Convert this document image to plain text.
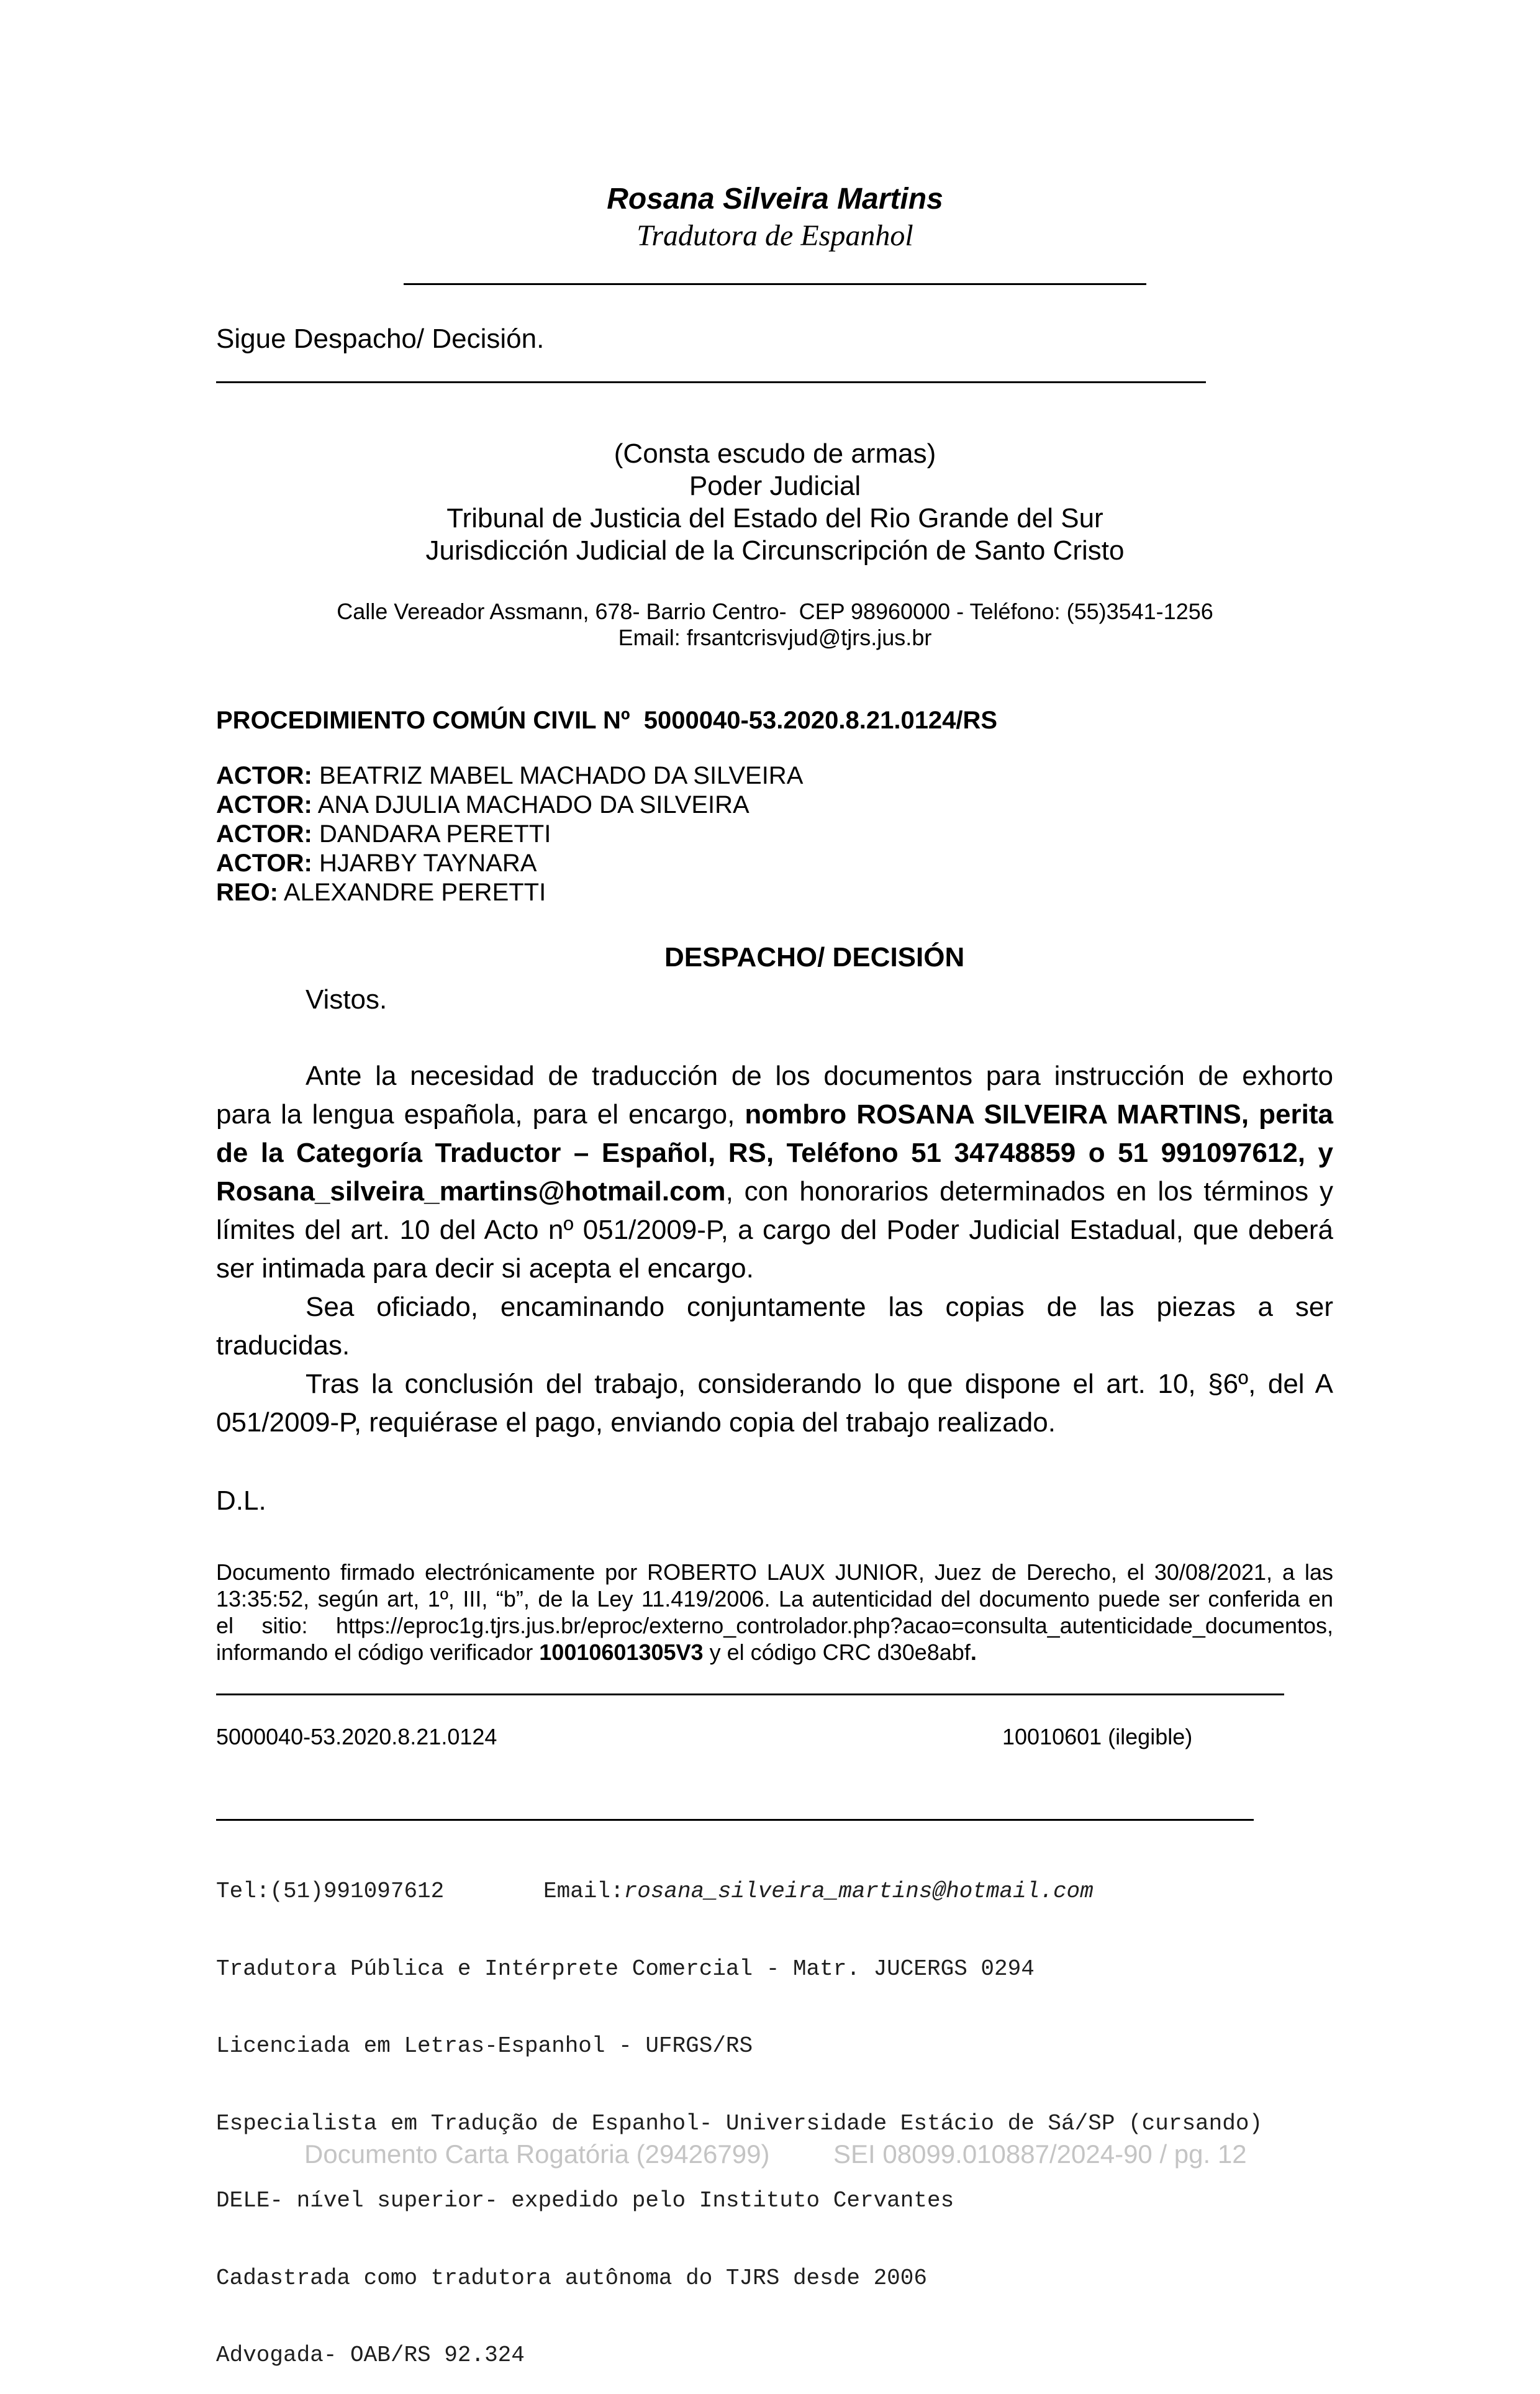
Rosana Silveira Martins
Tradutora de Espanhol
Sigue Despacho/ Decisión.
(Consta escudo de armas)
Poder Judicial
Tribunal de Justicia del Estado del Rio Grande del Sur
Jurisdicción Judicial de la Circunscripción de Santo Cristo
Calle Vereador Assmann, 678- Barrio Centro-  CEP 98960000 - Teléfono: (55)3541-1256
Email: frsantcrisvjud@tjrs.jus.br
PROCEDIMIENTO COMÚN CIVIL Nº  5000040-53.2020.8.21.0124/RS
ACTOR: BEATRIZ MABEL MACHADO DA SILVEIRA
ACTOR: ANA DJULIA MACHADO DA SILVEIRA
ACTOR: DANDARA PERETTI
ACTOR: HJARBY TAYNARA
REO: ALEXANDRE PERETTI
DESPACHO/ DECISIÓN
Vistos.
Ante la necesidad de traducción de los documentos para instrucción de exhorto
para la lengua española, para el encargo, nombro ROSANA SILVEIRA MARTINS, perita
de la Categoría Traductor – Español, RS, Teléfono 51 34748859 o 51 991097612, y
Rosana_silveira_martins@hotmail.com, con honorarios determinados en los términos y
límites del art. 10 del Acto nº 051/2009-P, a cargo del Poder Judicial Estadual, que deberá
ser intimada para decir si acepta el encargo.
Sea oficiado, encaminando conjuntamente las copias de las piezas a ser
traducidas.
Tras la conclusión del trabajo, considerando lo que dispone el art. 10, §6º, del A
051/2009-P, requiérase el pago, enviando copia del trabajo realizado.
D.L.
Documento firmado electrónicamente por ROBERTO LAUX JUNIOR, Juez de Derecho, el 30/08/2021, a las
13:35:52, según art, 1º, III, “b”, de la Ley 11.419/2006. La autenticidad del documento puede ser conferida en
el sitio: https://eproc1g.tjrs.jus.br/eproc/externo_controlador.php?acao=consulta_autenticidade_documentos,
informando el código verificador 10010601305V3 y el código CRC d30e8abf.
5000040-53.2020.8.21.0124	10010601 (ilegible)

Tel:(51)991097612	Email:rosana_silveira_martins@hotmail.com

Tradutora Pública e Intérprete Comercial - Matr. JUCERGS 0294

Licenciada em Letras-Espanhol - UFRGS/RS

Especialista em Tradução de Espanhol- Universidade Estácio de Sá/SP (cursando)

DELE- nível superior- expedido pelo Instituto Cervantes

Cadastrada como tradutora autônoma do TJRS desde 2006

Advogada- OAB/RS 92.324

Documento Carta Rogatória (29426799) SEI 08099.010887/2024-90 / pg. 12
